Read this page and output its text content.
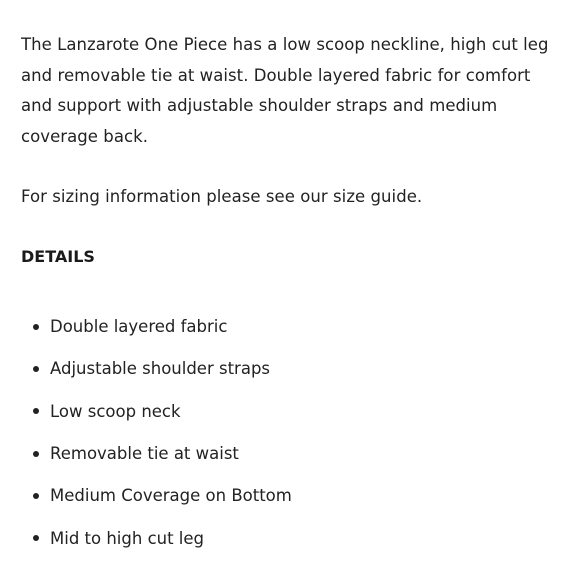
The Lanzarote One Piece has a low scoop neckline, high cut leg and removable tie at waist. Double layered fabric for comfort and support with adjustable shoulder straps and medium coverage back.

For sizing information please see our size guide.

DETAILS
Double layered fabric
Adjustable shoulder straps
Low scoop neck
Removable tie at waist
Medium Coverage on Bottom
Mid to high cut leg
